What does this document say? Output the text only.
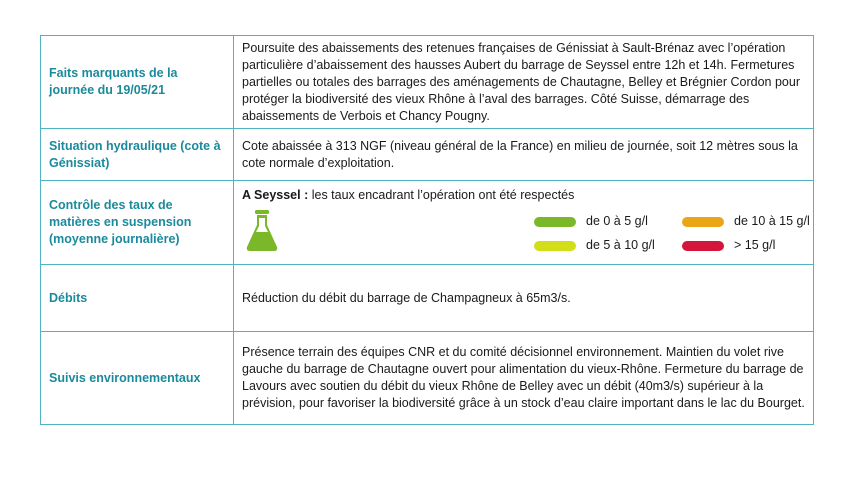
Faits marquants de la journée du 19/05/21	Poursuite des abaissements des retenues françaises de Génissiat à Sault-Brénaz avec l’opération particulière d’abaissement des hausses Aubert du barrage de Seyssel entre 12h et 14h. Fermetures partielles ou totales des barrages des aménagements de Chautagne, Belley et Brégnier Cordon pour protéger la biodiversité des vieux Rhône à l’aval des barrages. Côté Suisse, démarrage des abaissements de Verbois et Chancy Pougny.
Situation hydraulique (cote à Génissiat)	Cote abaissée à 313 NGF (niveau général de la France) en milieu de journée, soit 12 mètres sous la cote normale d’exploitation.
Contrôle des taux de matières en suspension (moyenne journalière)	A Seyssel : les taux encadrant l’opération ont été respectés

de 0 à 5 g/l
de 5 à 10 g/l
de 10 à 15 g/l
> 15 g/l

Débits	Réduction du débit du barrage de Champagneux à 65m3/s.
Suivis environnementaux	Présence terrain des équipes CNR et du comité décisionnel environnement. Maintien du volet rive gauche du barrage de Chautagne ouvert pour alimentation du vieux-Rhône. Fermeture du barrage de Lavours avec soutien du débit du vieux Rhône de Belley avec un débit (40m3/s) supérieur à la prévision, pour favoriser la biodiversité grâce à un stock d’eau claire important dans le lac du Bourget.
